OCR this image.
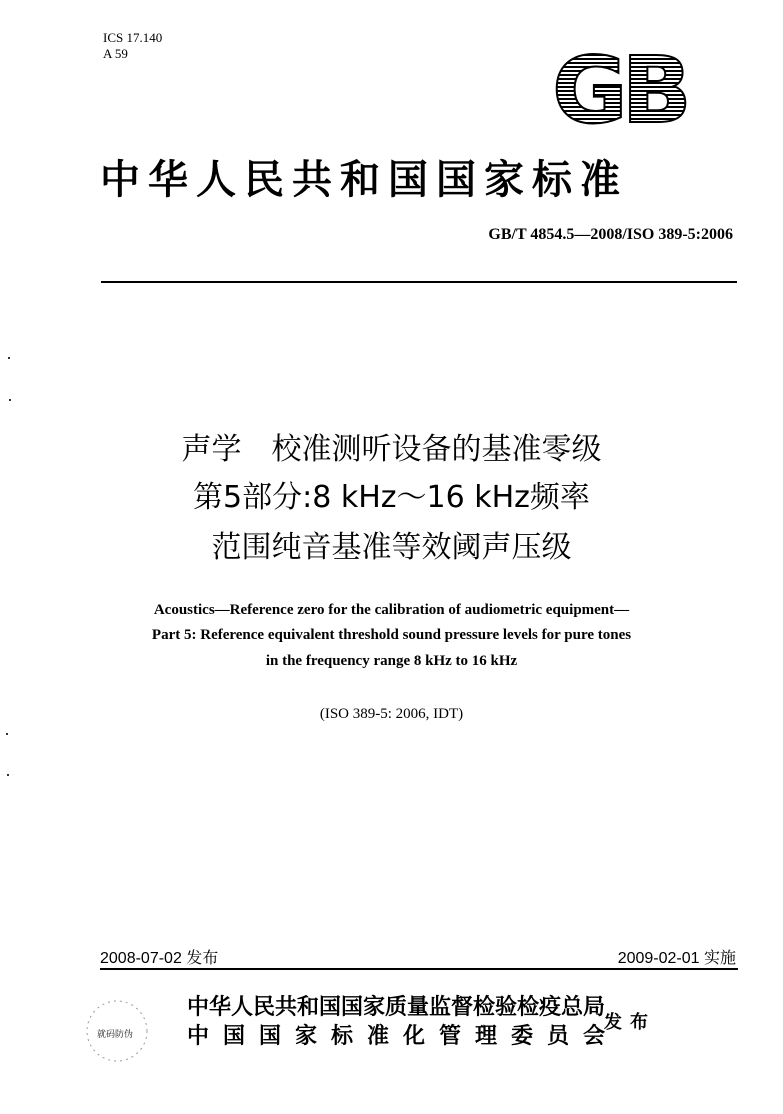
ICS 17.140
A 59	GB
中华人民共和国国家标准
GB/T 4854.5—2008/ISO 389-5:2006
声学　校准测听设备的基准零级
第5部分:8 kHz～16 kHz频率
范围纯音基准等效阈声压级
Acoustics—Reference zero for the calibration of audiometric equipment—
Part 5: Reference equivalent threshold sound pressure levels for pure tones
in the frequency range 8 kHz to 16 kHz
(ISO 389-5: 2006, IDT)
2008-07-02 发布	2009-02-01 实施
就码防伪
中华人民共和国国家质量监督检验检疫总局
中国国家标准化管理委员会
发布
